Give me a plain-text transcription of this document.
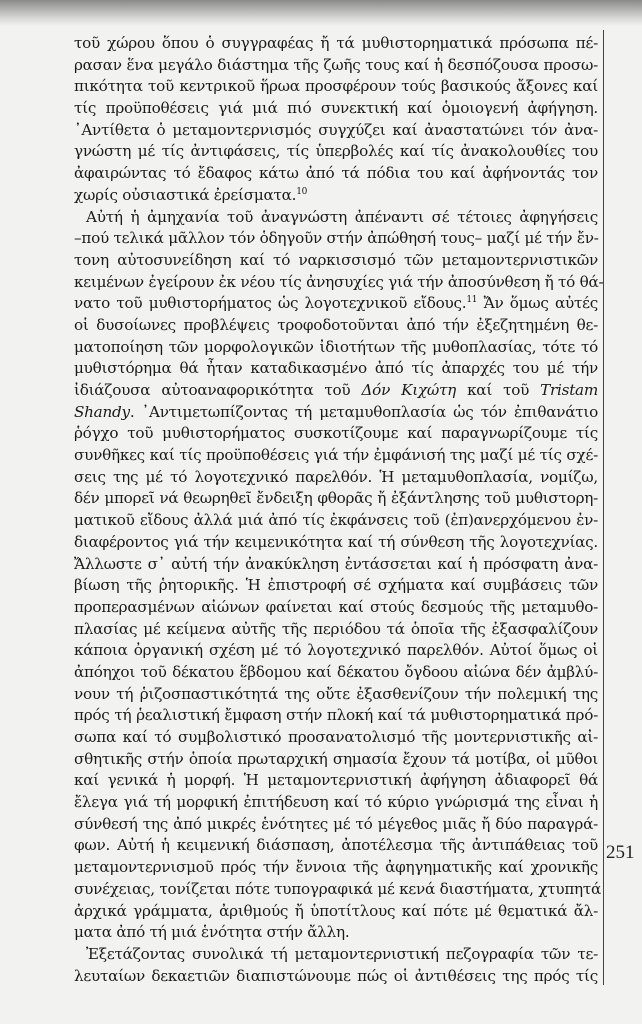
τοῦ χώρου ὅπου ὁ συγγραφέας ἤ τά μυθιστορηματικά πρόσωπα πέ-
ρασαν ἕνα μεγάλο διάστημα τῆς ζωῆς τους καί ἡ δεσπόζουσα προσω-
πικότητα τοῦ κεντρικοῦ ἥρωα προσφέρουν τούς βασικούς ἄξονες καί
τίς προϋποθέσεις γιά μιά πιό συνεκτική καί ὁμοιογενή ἀφήγηση.
᾿Αντίθετα ὁ μεταμοντερνισμός συγχύζει καί ἀναστατώνει τόν ἀνα-
γνώστη μέ τίς ἀντιφάσεις, τίς ὑπερβολές καί τίς ἀνακολουθίες του
ἀφαιρώντας τό ἔδαφος κάτω ἀπό τά πόδια του καί ἀφήνοντάς τον
χωρίς οὐσιαστικά ἐρείσματα.$^{10}$
Αὐτή ἡ ἀμηχανία τοῦ ἀναγνώστη ἀπέναντι σέ τέτοιες ἀφηγήσεις
–πού τελικά μᾶλλον τόν ὁδηγοῦν στήν ἀπώθησή τους– μαζί μέ τήν ἔν-
τονη αὐτοσυνείδηση καί τό ναρκισσισμό τῶν μεταμοντερνιστικῶν
κειμένων ἐγείρουν ἐκ νέου τίς ἀνησυχίες γιά τήν ἀποσύνθεση ἤ τό θά-
νατο τοῦ μυθιστορήματος ὡς λογοτεχνικοῦ εἴδους.$^{11}$ Ἄν ὅμως αὐτές
οἱ δυσοίωνες προβλέψεις τροφοδοτοῦνται ἀπό τήν ἐξεζητημένη θε-
ματοποίηση τῶν μορφολογικῶν ἰδιοτήτων τῆς μυθοπλασίας, τότε τό
μυθιστόρημα θά ἦταν καταδικασμένο ἀπό τίς ἀπαρχές του μέ τήν
ἰδιάζουσα αὐτοαναφορικότητα τοῦ Δόν Κιχώτη καί τοῦ Tristam
Shandy. ᾿Αντιμετωπίζοντας τή μεταμυθοπλασία ὡς τόν ἐπιθανάτιο
ῥόγχο τοῦ μυθιστορήματος συσκοτίζουμε καί παραγνωρίζουμε τίς
συνθῆκες καί τίς προϋποθέσεις γιά τήν ἐμφάνισή της μαζί μέ τίς σχέ-
σεις της μέ τό λογοτεχνικό παρελθόν. Ἡ μεταμυθοπλασία, νομίζω,
δέν μπορεῖ νά θεωρηθεῖ ἔνδειξη φθορᾶς ἤ ἐξάντλησης τοῦ μυθιστορη-
ματικοῦ εἴδους ἀλλά μιά ἀπό τίς ἐκφάνσεις τοῦ (ἐπ)ανερχόμενου ἐν-
διαφέροντος γιά τήν κειμενικότητα καί τή σύνθεση τῆς λογοτεχνίας.
Ἄλλωστε σ᾿ αὐτή τήν ἀνακύκληση ἐντάσσεται καί ἡ πρόσφατη ἀνα-
βίωση τῆς ῥητορικῆς. Ἡ ἐπιστροφή σέ σχήματα καί συμβάσεις τῶν
προπερασμένων αἰώνων φαίνεται καί στούς δεσμούς τῆς μεταμυθο-
πλασίας μέ κείμενα αὐτῆς τῆς περιόδου τά ὁποῖα τῆς ἐξασφαλίζουν
κάποια ὀργανική σχέση μέ τό λογοτεχνικό παρελθόν. Αὐτοί ὅμως οἱ
ἀπόηχοι τοῦ δέκατου ἕβδομου καί δέκατου ὄγδοου αἰώνα δέν ἀμβλύ-
νουν τή ῥιζοσπαστικότητά της οὔτε ἐξασθενίζουν τήν πολεμική της
πρός τή ῥεαλιστική ἔμφαση στήν πλοκή καί τά μυθιστορηματικά πρό-
σωπα καί τό συμβολιστικό προσανατολισμό τῆς μοντερνιστικῆς αἰ-
σθητικῆς στήν ὁποία πρωταρχική σημασία ἔχουν τά μοτίβα, οἱ μῦθοι
καί γενικά ἡ μορφή. Ἡ μεταμοντερνιστική ἀφήγηση ἀδιαφορεῖ θά
ἔλεγα γιά τή μορφική ἐπιτήδευση καί τό κύριο γνώρισμά της εἶναι ἡ
σύνθεσή της ἀπό μικρές ἑνότητες μέ τό μέγεθος μιᾶς ἤ δύο παραγρά-
φων. Αὐτή ἡ κειμενική διάσπαση, ἀποτέλεσμα τῆς ἀντιπάθειας τοῦ
μεταμοντερνισμοῦ πρός τήν ἔννοια τῆς ἀφηγηματικῆς καί χρονικῆς
συνέχειας, τονίζεται πότε τυπογραφικά μέ κενά διαστήματα, χτυπητά
ἀρχικά γράμματα, ἀριθμούς ἤ ὑποτίτλους καί πότε μέ θεματικά ἄλ-
ματα ἀπό τή μιά ἑνότητα στήν ἄλλη.
Ἐξετάζοντας συνολικά τή μεταμοντερνιστική πεζογραφία τῶν τε-
λευταίων δεκαετιῶν διαπιστώνουμε πώς οἱ ἀντιθέσεις της πρός τίς
251
